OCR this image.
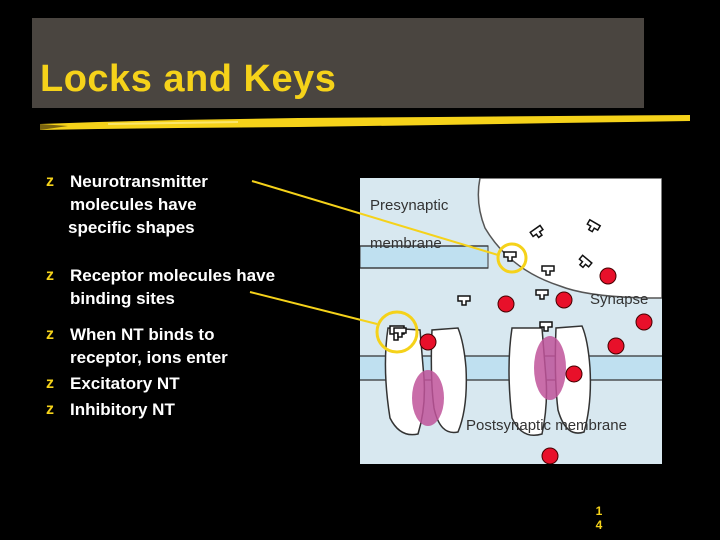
Locks and Keys
z Neurotransmitter
molecules have
specific shapes
z Receptor molecules have
binding sites
z When NT binds to
receptor, ions enter
z Excitatory NT
z Inhibitory NT
Presynaptic
membrane
Synapse
Postsynaptic membrane
1
4
